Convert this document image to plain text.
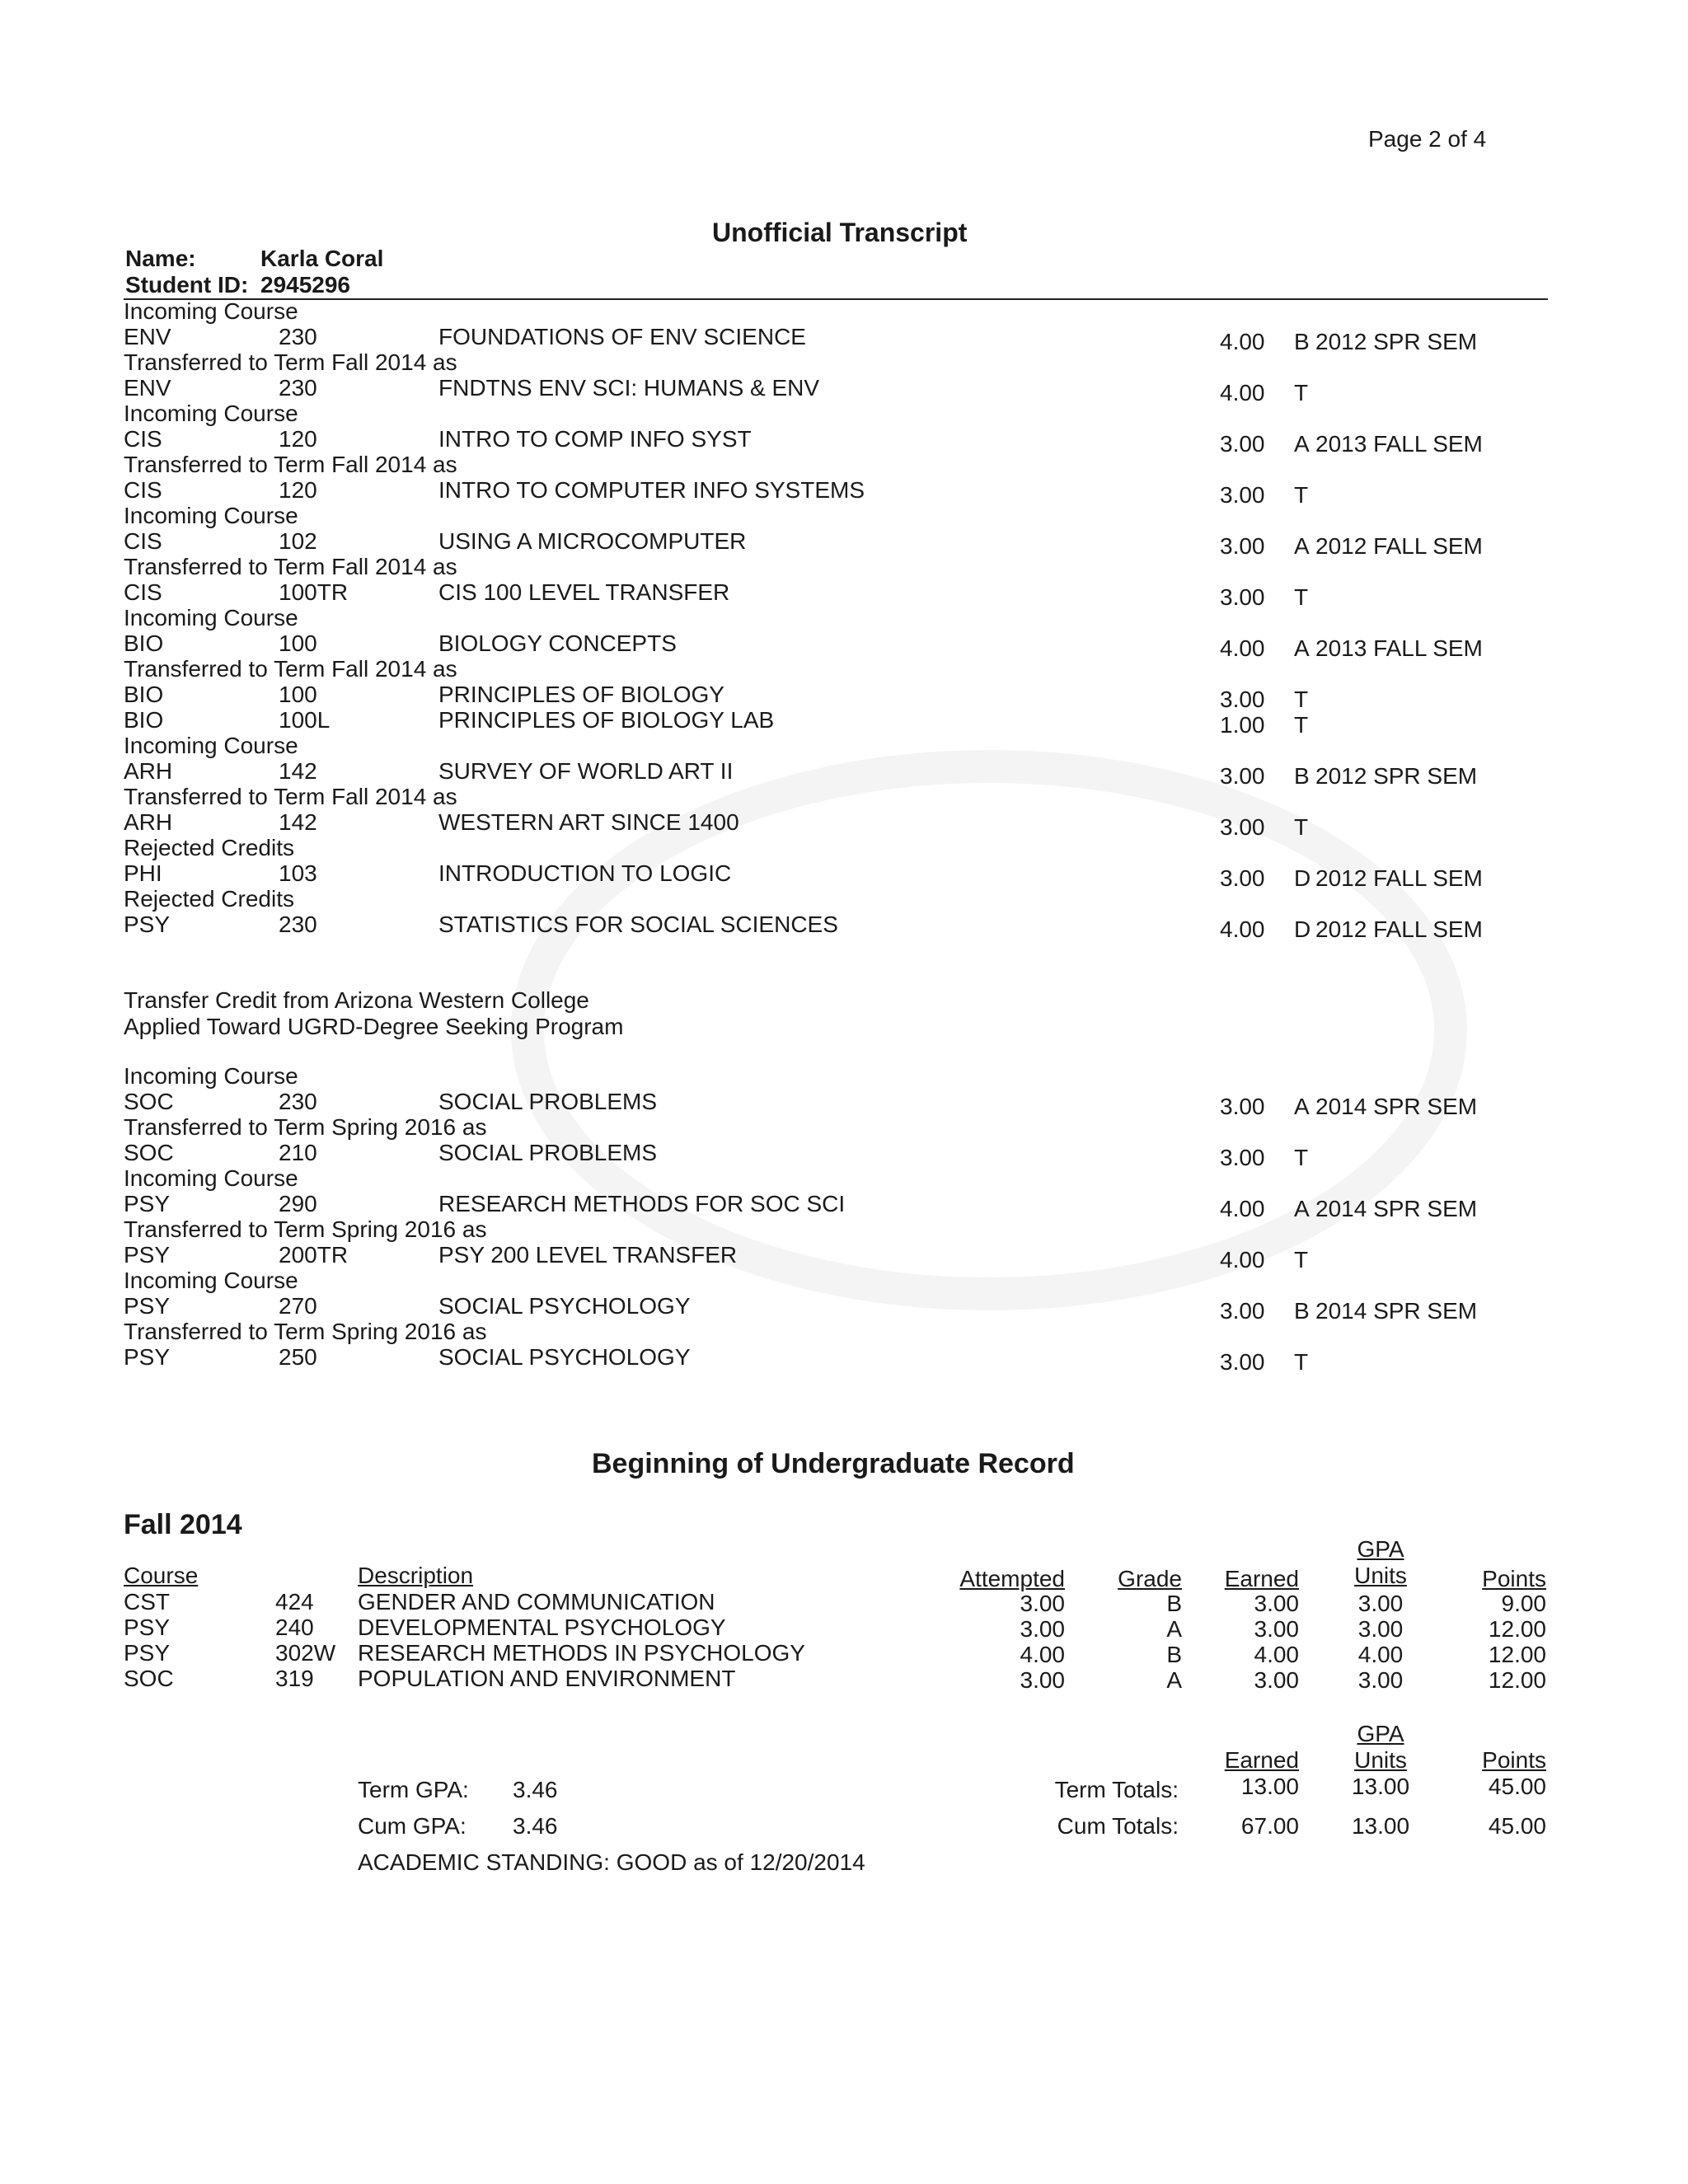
Page 2 of 4
Unofficial Transcript
Name:	Karla Coral
Student ID: 2945296
Incoming Course
ENV	230	FOUNDATIONS OF ENV SCIENCE	4.00 B 2012 SPR SEM
Transferred to Term Fall 2014 as
ENV	230	FNDTNS ENV SCI: HUMANS & ENV	4.00 T
Incoming Course
CIS	120	INTRO TO COMP INFO SYST	3.00 A 2013 FALL SEM
Transferred to Term Fall 2014 as
CIS	120	INTRO TO COMPUTER INFO SYSTEMS	3.00 T
Incoming Course
CIS	102	USING A MICROCOMPUTER	3.00 A 2012 FALL SEM
Transferred to Term Fall 2014 as
CIS	100TR	CIS 100 LEVEL TRANSFER	3.00 T
Incoming Course
BIO	100	BIOLOGY CONCEPTS	4.00 A 2013 FALL SEM
Transferred to Term Fall 2014 as
BIO	100	PRINCIPLES OF BIOLOGY	3.00 T
BIO	100L	PRINCIPLES OF BIOLOGY LAB	1.00 T
Incoming Course
ARH	142	SURVEY OF WORLD ART II	3.00 B 2012 SPR SEM
Transferred to Term Fall 2014 as
ARH	142	WESTERN ART SINCE 1400	3.00 T
Rejected Credits
PHI	103	INTRODUCTION TO LOGIC	3.00 D 2012 FALL SEM
Rejected Credits
PSY	230	STATISTICS FOR SOCIAL SCIENCES	4.00 D 2012 FALL SEM
Transfer Credit from Arizona Western College
Applied Toward UGRD-Degree Seeking Program
Incoming Course
SOC	230	SOCIAL PROBLEMS	3.00 A 2014 SPR SEM
Transferred to Term Spring 2016 as
SOC	210	SOCIAL PROBLEMS	3.00 T
Incoming Course
PSY	290	RESEARCH METHODS FOR SOC SCI	4.00 A 2014 SPR SEM
Transferred to Term Spring 2016 as
PSY	200TR	PSY 200 LEVEL TRANSFER	4.00 T
Incoming Course
PSY	270	SOCIAL PSYCHOLOGY	3.00 B 2014 SPR SEM
Transferred to Term Spring 2016 as
PSY	250	SOCIAL PSYCHOLOGY	3.00 T
Beginning of Undergraduate Record
Fall 2014
GPA
Course	Description	Attempted	Grade	Earned	Units	Points
CST	424 GENDER AND COMMUNICATION	3.00	B	3.00	3.00	9.00
PSY	240 DEVELOPMENTAL PSYCHOLOGY	3.00	A	3.00	3.00	12.00
PSY	302W RESEARCH METHODS IN PSYCHOLOGY	4.00	B	4.00	4.00	12.00
SOC	319 POPULATION AND ENVIRONMENT	3.00	A	3.00	3.00	12.00
GPA
Earned	Units	Points
Term GPA: 3.46	Term Totals:	13.00	13.00	45.00
Cum GPA: 3.46	Cum Totals:	67.00	13.00	45.00
ACADEMIC STANDING: GOOD as of 12/20/2014
